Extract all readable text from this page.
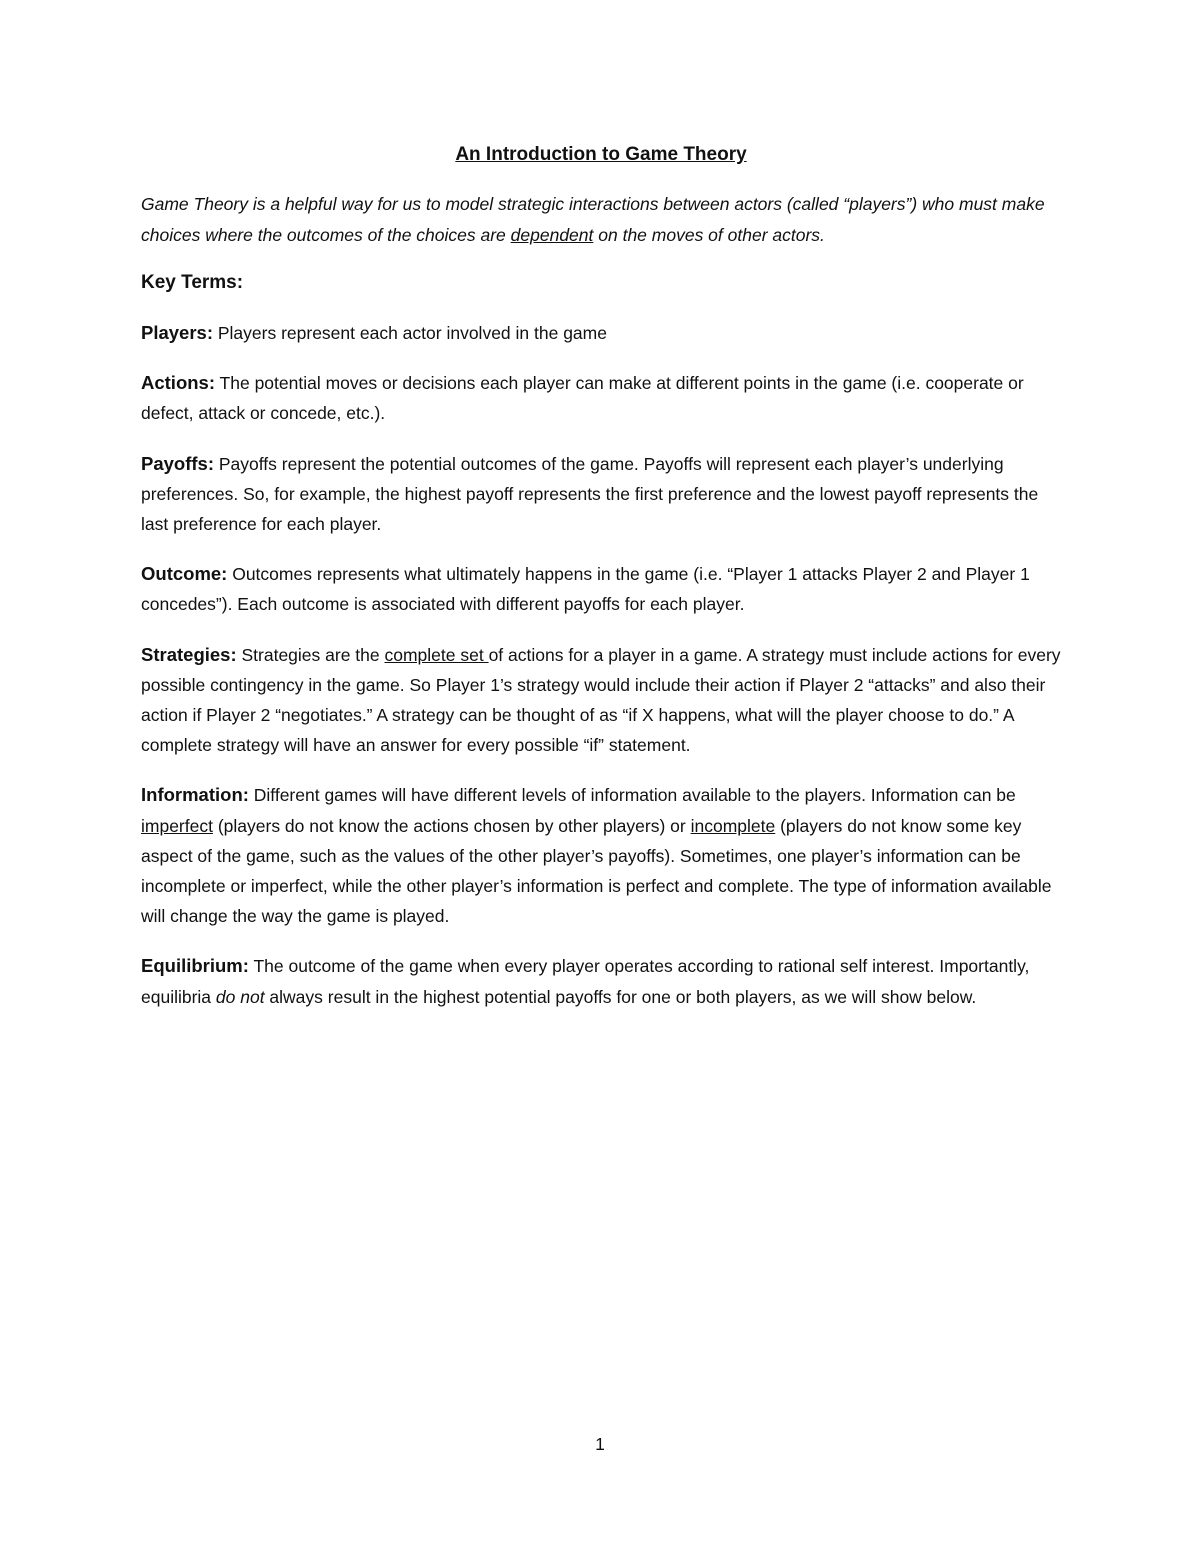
An Introduction to Game Theory

Game Theory is a helpful way for us to model strategic interactions between actors (called “players”) who must make choices where the outcomes of the choices are dependent on the moves of other actors.

Key Terms:

Players: Players represent each actor involved in the game

Actions: The potential moves or decisions each player can make at different points in the game (i.e. cooperate or defect, attack or concede, etc.).

Payoffs: Payoffs represent the potential outcomes of the game. Payoffs will represent each player’s underlying preferences. So, for example, the highest payoff represents the first preference and the lowest payoff represents the last preference for each player.

Outcome: Outcomes represents what ultimately happens in the game (i.e. “Player 1 attacks Player 2 and Player 1 concedes”). Each outcome is associated with different payoffs for each player.

Strategies: Strategies are the complete set of actions for a player in a game. A strategy must include actions for every possible contingency in the game. So Player 1’s strategy would include their action if Player 2 “attacks” and also their action if Player 2 “negotiates.” A strategy can be thought of as “if X happens, what will the player choose to do.” A complete strategy will have an answer for every possible “if” statement.

Information: Different games will have different levels of information available to the players. Information can be imperfect (players do not know the actions chosen by other players) or incomplete (players do not know some key aspect of the game, such as the values of the other player’s payoffs). Sometimes, one player’s information can be incomplete or imperfect, while the other player’s information is perfect and complete. The type of information available will change the way the game is played.

Equilibrium: The outcome of the game when every player operates according to rational self interest. Importantly, equilibria do not always result in the highest potential payoffs for one or both players, as we will show below.

1
